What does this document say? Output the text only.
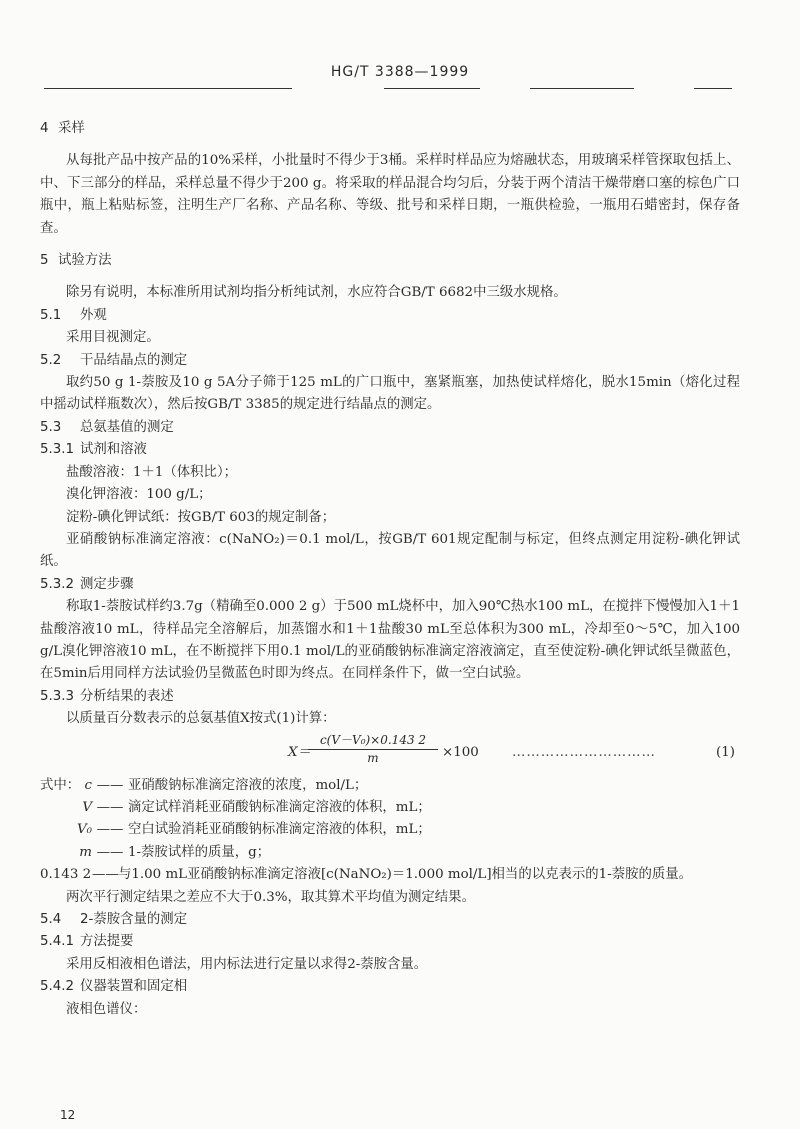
HG/T 3388—1999

4 采样

从每批产品中按产品的10%采样，小批量时不得少于3桶。采样时样品应为熔融状态，用玻璃采样管探取包括上、中、下三部分的样品，采样总量不得少于200 g。将采取的样品混合均匀后，分装于两个清洁干燥带磨口塞的棕色广口瓶中，瓶上粘贴标签，注明生产厂名称、产品名称、等级、批号和采样日期，一瓶供检验，一瓶用石蜡密封，保存备查。

5 试验方法

除另有说明，本标准所用试剂均指分析纯试剂，水应符合GB/T 6682中三级水规格。

5.1 外观

采用目视测定。

5.2 干品结晶点的测定

取约50 g 1-萘胺及10 g 5A分子筛于125 mL的广口瓶中，塞紧瓶塞，加热使试样熔化，脱水15min（熔化过程中摇动试样瓶数次），然后按GB/T 3385的规定进行结晶点的测定。

5.3 总氨基值的测定

5.3.1 试剂和溶液

盐酸溶液：1＋1（体积比）；

溴化钾溶液：100 g/L；

淀粉-碘化钾试纸：按GB/T 603的规定制备；

亚硝酸钠标准滴定溶液：c(NaNO₂)＝0.1 mol/L，按GB/T 601规定配制与标定，但终点测定用淀粉-碘化钾试纸。

5.3.2 测定步骤

称取1-萘胺试样约3.7g（精确至0.000 2 g）于500 mL烧杯中，加入90℃热水100 mL，在搅拌下慢慢加入1＋1盐酸溶液10 mL，待样品完全溶解后，加蒸馏水和1＋1盐酸30 mL至总体积为300 mL，冷却至0～5℃，加入100 g/L溴化钾溶液10 mL，在不断搅拌下用0.1 mol/L的亚硝酸钠标准滴定溶液滴定，直至使淀粉-碘化钾试纸呈微蓝色，在5min后用同样方法试验仍呈微蓝色时即为终点。在同样条件下，做一空白试验。

5.3.3 分析结果的表述

以质量百分数表示的总氨基值X按式(1)计算：

X＝
$\frac{\text{c(V－V₀)×0.143 2}}{m} \times 100$ …………………………	(1)
式中： c —— 亚硝酸钠标准滴定溶液的浓度，mol/L；
V —— 滴定试样消耗亚硝酸钠标准滴定溶液的体积，mL；
V₀ —— 空白试验消耗亚硝酸钠标准滴定溶液的体积，mL；
m —— 1-萘胺试样的质量，g；
0.143 2 —— 与1.00 mL亚硝酸钠标准滴定溶液[c(NaNO₂)＝1.000 mol/L]相当的以克表示的1-萘胺的质量。

两次平行测定结果之差应不大于0.3%，取其算术平均值为测定结果。

5.4 2-萘胺含量的测定

5.4.1 方法提要

采用反相液相色谱法，用内标法进行定量以求得2-萘胺含量。

5.4.2 仪器装置和固定相

液相色谱仪：

12
